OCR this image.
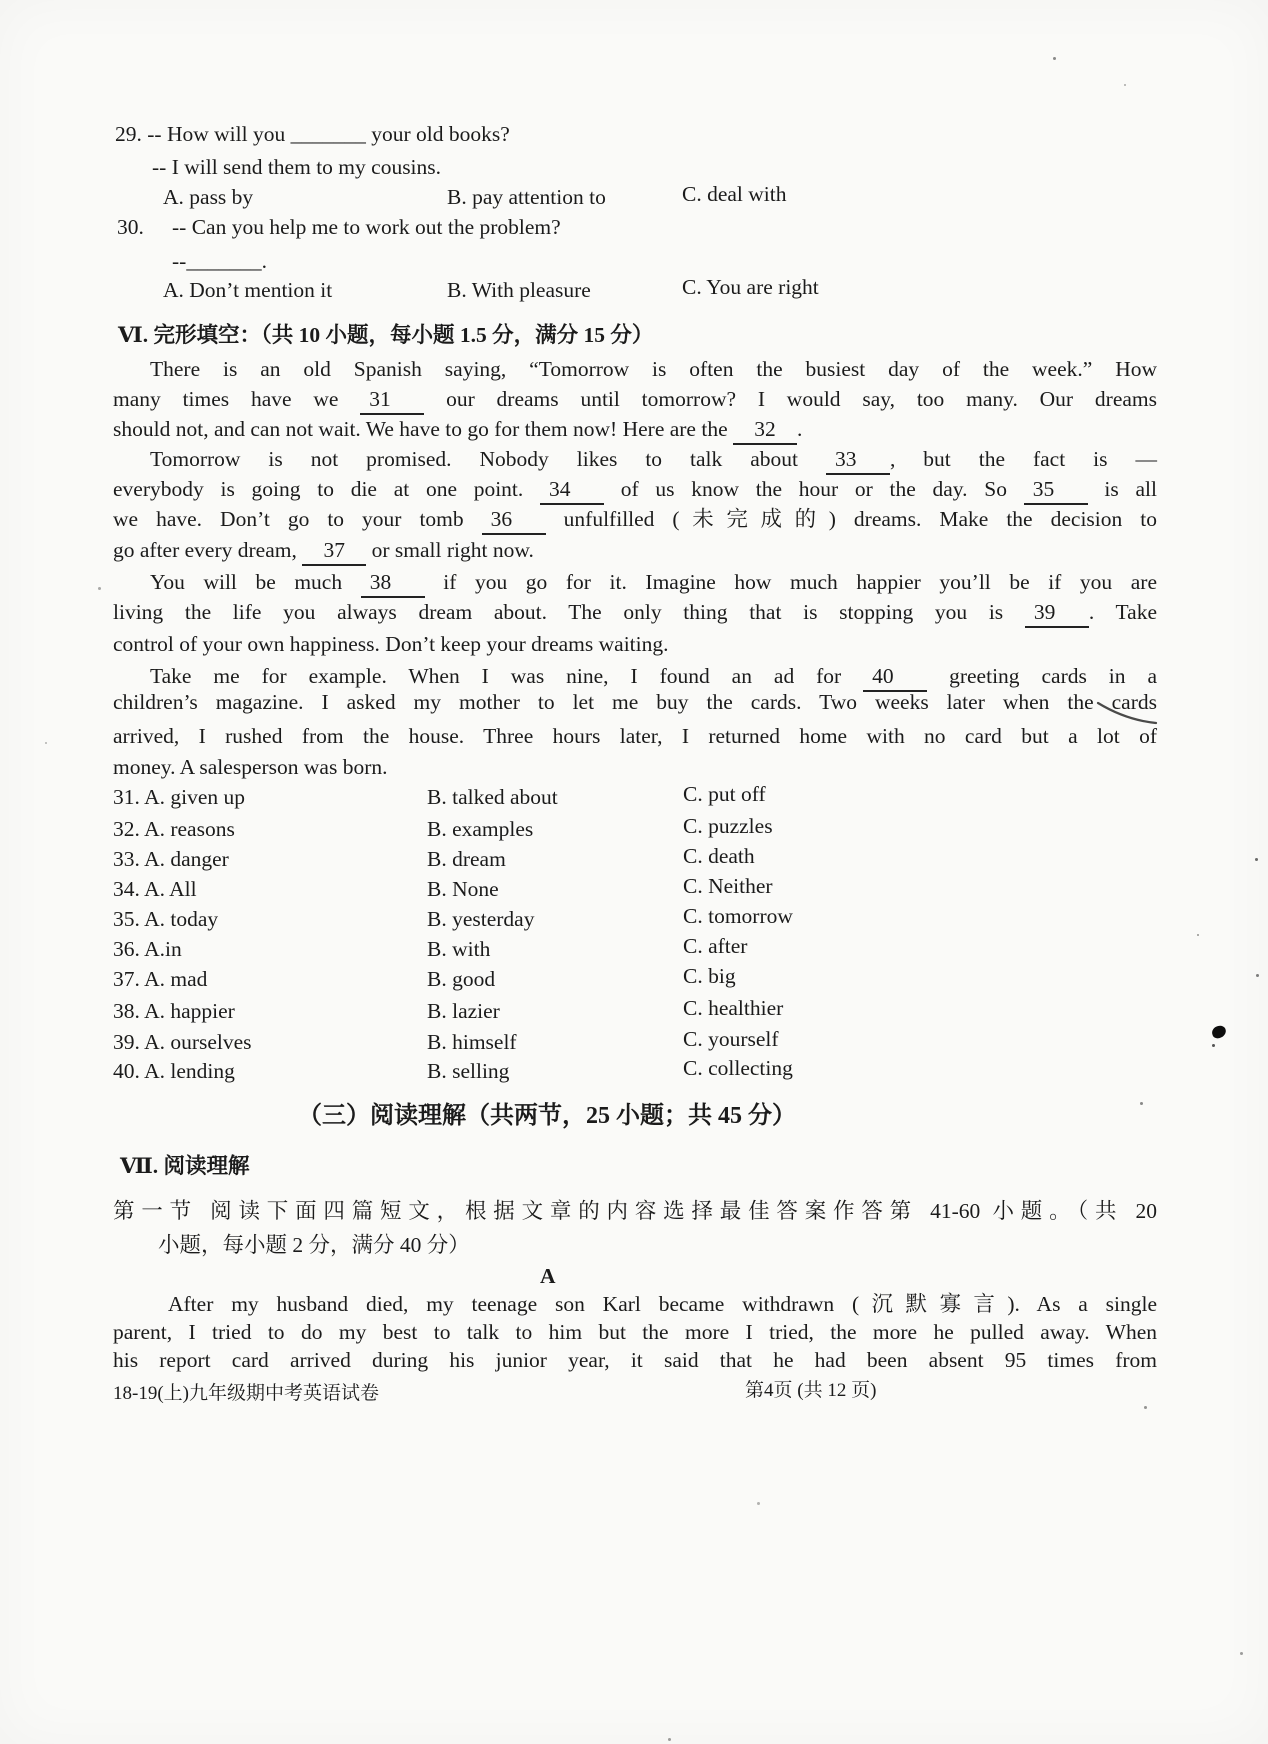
29. -- How will you _______ your old books?
-- I will send them to my cousins.
A. pass by	B. pay attention to	C. deal with
30. -- Can you help me to work out the problem?
--_______.
A. Don’t mention it	B. With pleasure	C. You are right
Ⅵ. 完形填空：（共 10 小题，每小题 1.5 分，满分 15 分）
There is an old Spanish saying, “Tomorrow is often the busiest day of the week.” How
many times have we 31 our dreams until tomorrow? I would say, too many. Our dreams
should not, and can not wait. We have to go for them now! Here are the 32 .
Tomorrow is not promised. Nobody likes to talk about 33 , but the fact is —
everybody is going to die at one point. 34 of us know the hour or the day. So 35 is all
we have. Don’t go to your tomb 36 unfulfilled (未完成的) dreams. Make the decision to
go after every dream, 37 or small right now.
You will be much 38 if you go for it. Imagine how much happier you’ll be if you are
living the life you always dream about. The only thing that is stopping you is 39 . Take
control of your own happiness. Don’t keep your dreams waiting.
Take me for example. When I was nine, I found an ad for 40 greeting cards in a
children’s magazine. I asked my mother to let me buy the cards. Two weeks later when the cards
arrived, I rushed from the house. Three hours later, I returned home with no card but a lot of
money. A salesperson was born.
31. A. given up	B. talked about	C. put off
32. A. reasons	B. examples	C. puzzles
33. A. danger	B. dream	C. death
34. A. All	B. None	C. Neither
35. A. today	B. yesterday	C. tomorrow
36. A.in	B. with	C. after
37. A. mad	B. good	C. big
38. A. happier	B. lazier	C. healthier
39. A. ourselves	B. himself	C. yourself
40. A. lending	B. selling	C. collecting
（三）阅读理解（共两节，25 小题；共 45 分）
Ⅶ. 阅读理解
第一节 阅读下面四篇短文，根据文章的内容选择最佳答案作答第 41-60 小题。（共 20
小题，每小题 2 分，满分 40 分）
A
After my husband died, my teenage son Karl became withdrawn (沉默寡言). As a single
parent, I tried to do my best to talk to him but the more I tried, the more he pulled away. When
his report card arrived during his junior year, it said that he had been absent 95 times from
18-19(上)九年级期中考英语试卷	第4页 (共 12 页)
